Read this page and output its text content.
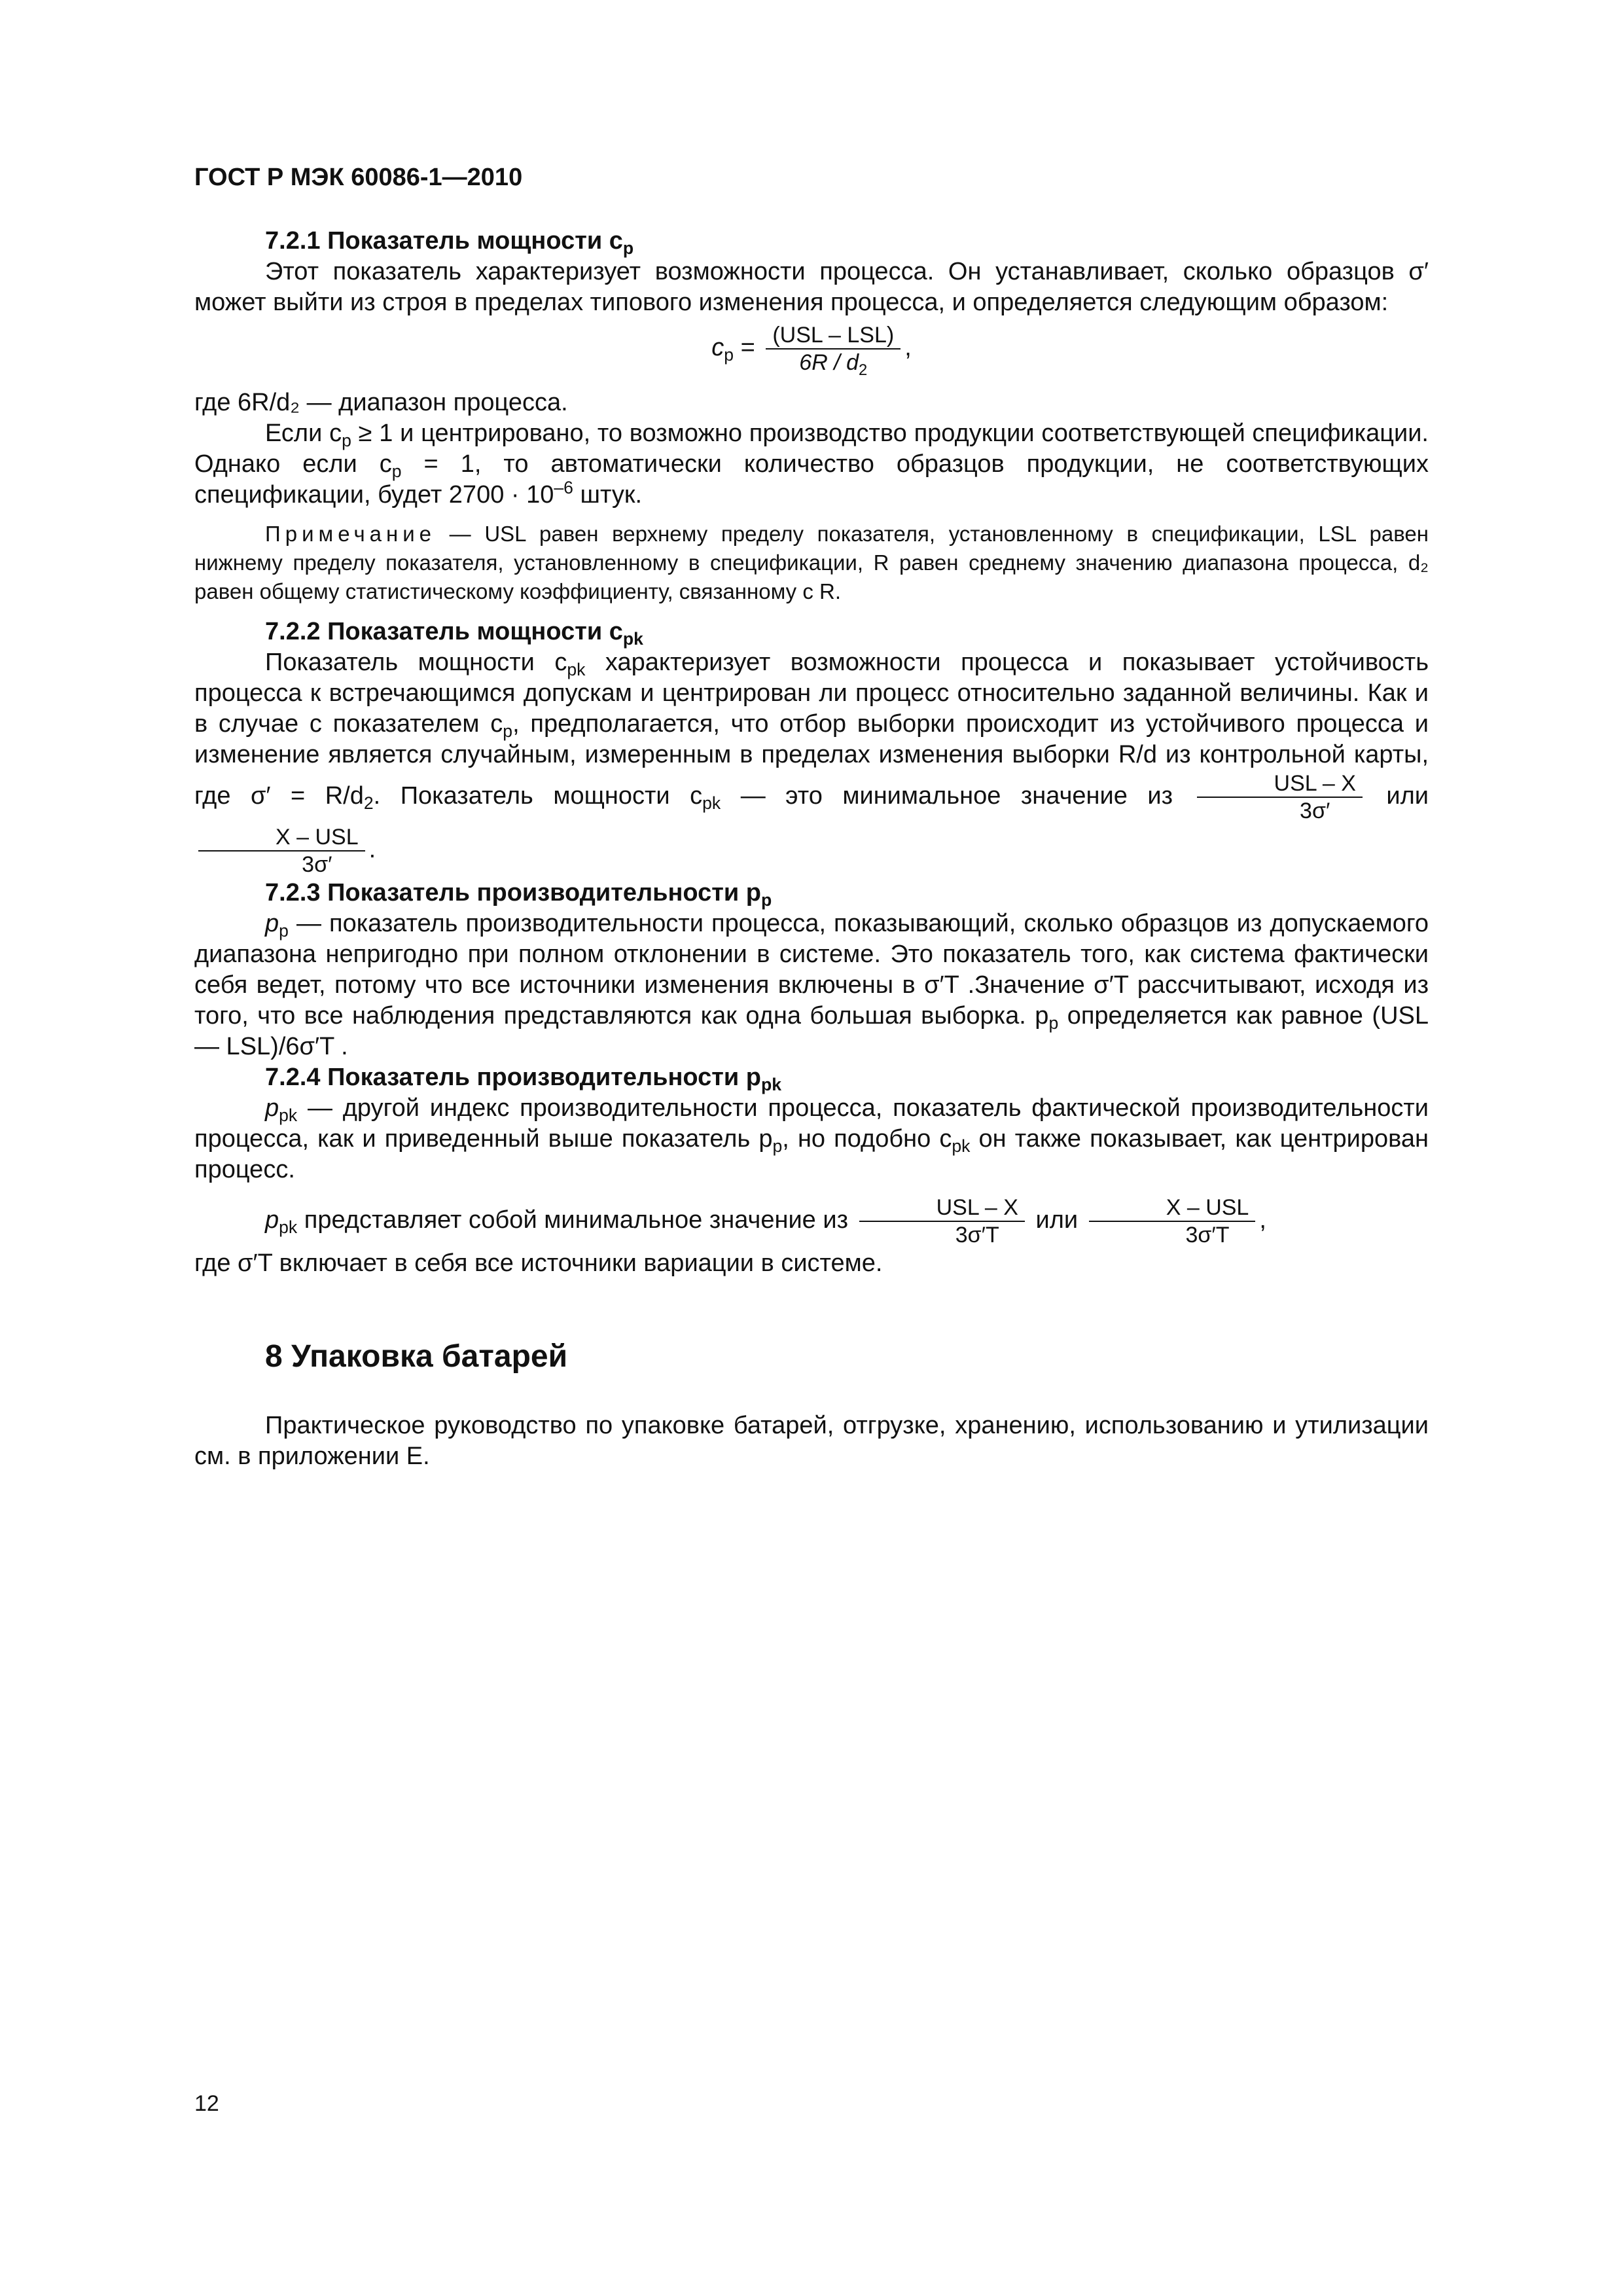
ГОСТ Р МЭК 60086-1—2010

7.2.1 Показатель мощности $c_p$

Этот показатель характеризует возможности процесса. Он устанавливает, сколько образцов σ′ может выйти из строя в пределах типового изменения процесса, и определяется следующим образом:

$c_p = \frac{\text{(USL – LSL)}}{6R / d_2}$ ,

где 6R/d₂ — диапазон процесса.

Если $c_p \ge 1$ и центрировано, то возможно производство продукции соответствующей спецификации. Однако если $c_p = 1$, то автоматически количество образцов продукции, не соответствующих спецификации, будет $2700 \cdot 10^{-6}$ штук.

Примечание — USL равен верхнему пределу показателя, установленному в спецификации, LSL равен нижнему пределу показателя, установленному в спецификации, R равен среднему значению диапазона процесса, d₂ равен общему статистическому коэффициенту, связанному с R.

7.2.2 Показатель мощности $c_{pk}$

Показатель мощности $c_{pk}$ характеризует возможности процесса и показывает устойчивость процесса к встречающимся допускам и центрирован ли процесс относительно заданной величины. Как и в случае с показателем $c_p$, предполагается, что отбор выборки происходит из устойчивого процесса и изменение является случайным, измеренным в пределах изменения выборки R/d из контрольной карты, где $\sigma' = R/d_2$. Показатель мощности $c_{pk}$ — это минимальное значение из $\frac{\text{USL – X}}{3\sigma'}$ или
$\frac{\text{X – USL}}{3\sigma'}$ .

7.2.3 Показатель производительности $p_p$

$p_p$ — показатель производительности процесса, показывающий, сколько образцов из допускаемого диапазона непригодно при полном отклонении в системе. Это показатель того, как система фактически себя ведет, потому что все источники изменения включены в σ′T .Значение σ′T рассчитывают, исходя из того, что все наблюдения представляются как одна большая выборка. $p_p$ определяется как равное (USL — LSL)/6σ′T .

7.2.4 Показатель производительности $p_{pk}$

$p_{pk}$ — другой индекс производительности процесса, показатель фактической производительности процесса, как и приведенный выше показатель $p_p$, но подобно $c_{pk}$ он также показывает, как центрирован процесс.

$p_{pk}$ представляет собой минимальное значение из $\frac{\text{USL – X}}{3\sigma'T}$ или $\frac{\text{X – USL}}{3\sigma'T}$ ,

где σ′T включает в себя все источники вариации в системе.

8 Упаковка батарей

Практическое руководство по упаковке батарей, отгрузке, хранению, использованию и утилизации см. в приложении Е.

12
